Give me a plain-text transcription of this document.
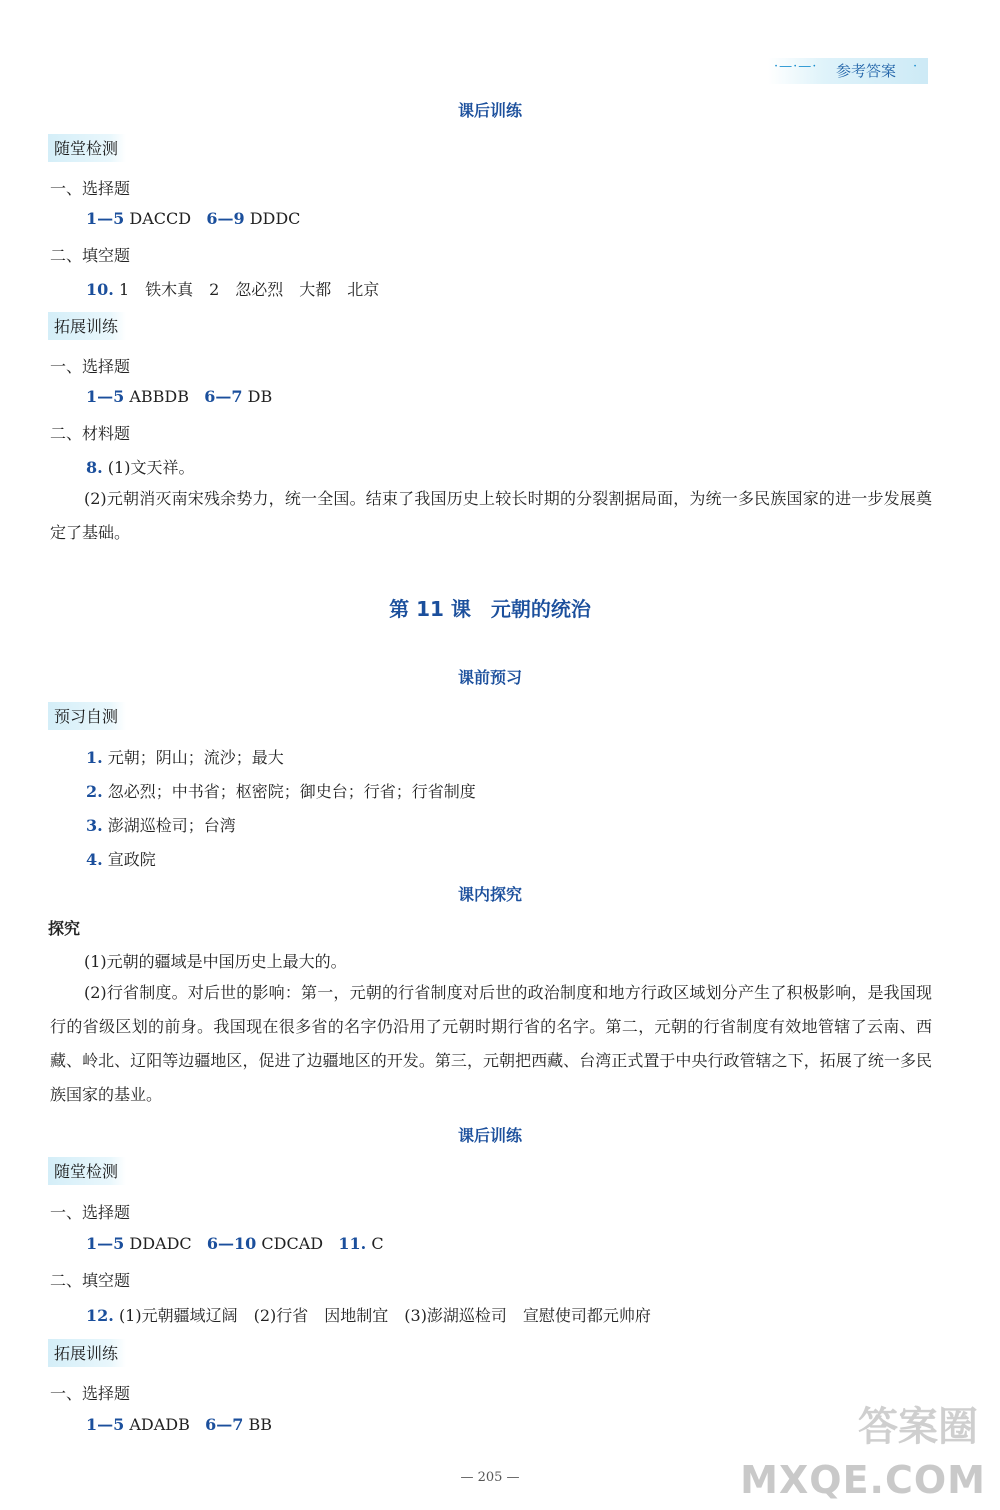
·—·—· 参考答案 ·
课后训练
随堂检测
一、选择题
1—5 DACCD 6—9 DDDC
二、填空题
10. 1　铁木真　2　忽必烈　大都　北京
拓展训练
一、选择题
1—5 ABBDB 6—7 DB
二、材料题
8. (1)文天祥。
(2)元朝消灭南宋残余势力，统一全国。结束了我国历史上较长时期的分裂割据局面，为统一多民族国家的进一步发展奠定了基础。
第 11 课　元朝的统治
课前预习
预习自测
1. 元朝；阴山；流沙；最大
2. 忽必烈；中书省；枢密院；御史台；行省；行省制度
3. 澎湖巡检司；台湾
4. 宣政院
课内探究
探究
(1)元朝的疆域是中国历史上最大的。
(2)行省制度。对后世的影响：第一，元朝的行省制度对后世的政治制度和地方行政区域划分产生了积极影响，是我国现行的省级区划的前身。我国现在很多省的名字仍沿用了元朝时期行省的名字。第二，元朝的行省制度有效地管辖了云南、西藏、岭北、辽阳等边疆地区，促进了边疆地区的开发。第三，元朝把西藏、台湾正式置于中央行政管辖之下，拓展了统一多民族国家的基业。
课后训练
随堂检测
一、选择题
1—5 DDADC 6—10 CDCAD 11. C
二、填空题
12. (1)元朝疆域辽阔　(2)行省　因地制宜　(3)澎湖巡检司　宣慰使司都元帅府
拓展训练
一、选择题
1—5 ADADB 6—7 BB
— 205 —
答案圈
MXQE.COM
